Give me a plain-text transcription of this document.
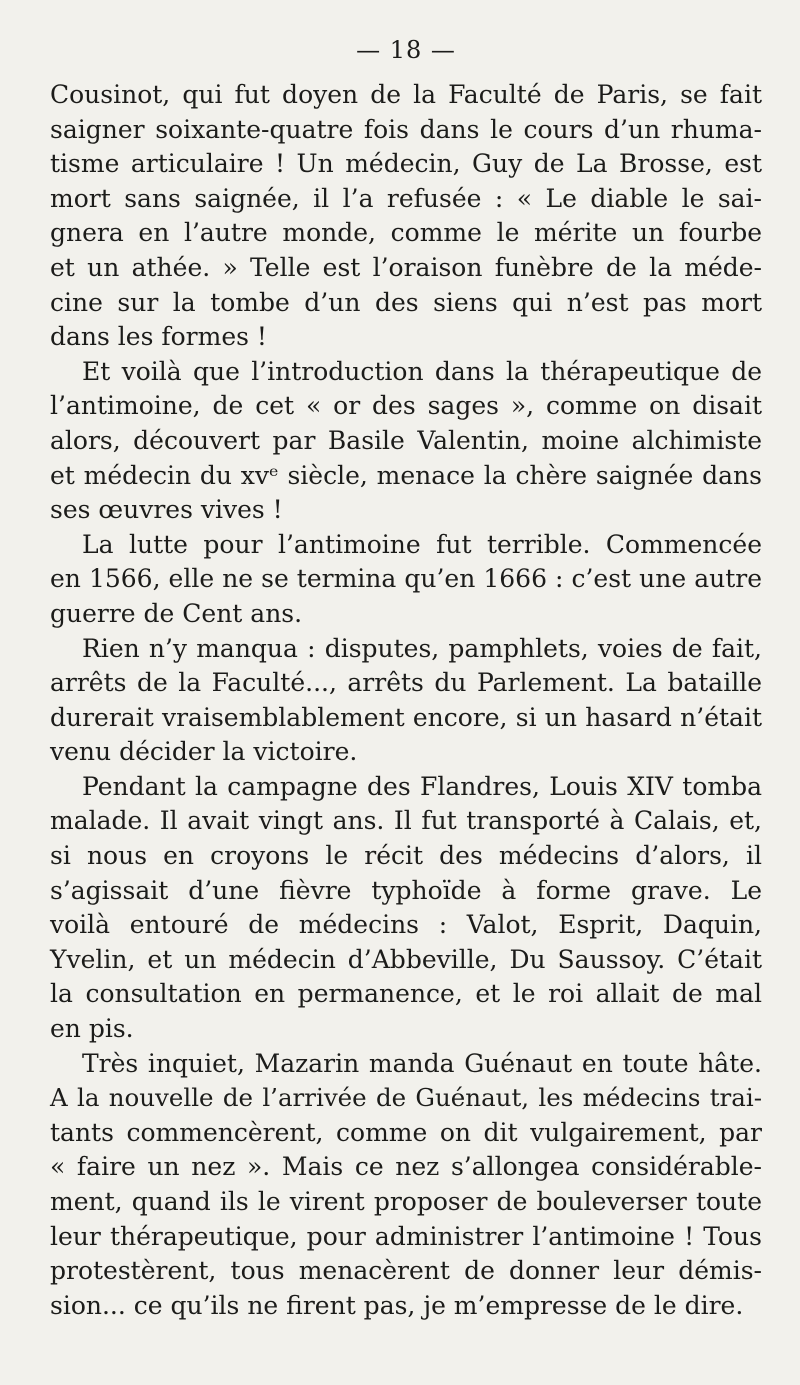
— 18 —
Cousinot, qui fut doyen de la Faculté de Paris, se fait
saigner soixante-quatre fois dans le cours d’un rhuma-
tisme articulaire ! Un médecin, Guy de La Brosse, est
mort sans saignée, il l’a refusée : « Le diable le sai-
gnera en l’autre monde, comme le mérite un fourbe
et un athée. » Telle est l’oraison funèbre de la méde-
cine sur la tombe d’un des siens qui n’est pas mort
dans les formes !
Et voilà que l’introduction dans la thérapeutique de
l’antimoine, de cet « or des sages », comme on disait
alors, découvert par Basile Valentin, moine alchimiste
et médecin du xvᵉ siècle, menace la chère saignée dans
ses œuvres vives !
La lutte pour l’antimoine fut terrible. Commencée
en 1566, elle ne se termina qu’en 1666 : c’est une autre
guerre de Cent ans.
Rien n’y manqua : disputes, pamphlets, voies de fait,
arrêts de la Faculté..., arrêts du Parlement. La bataille
durerait vraisemblablement encore, si un hasard n’était
venu décider la victoire.
Pendant la campagne des Flandres, Louis XIV tomba
malade. Il avait vingt ans. Il fut transporté à Calais, et,
si nous en croyons le récit des médecins d’alors, il
s’agissait d’une fièvre typhoïde à forme grave. Le
voilà entouré de médecins : Valot, Esprit, Daquin,
Yvelin, et un médecin d’Abbeville, Du Saussoy. C’était
la consultation en permanence, et le roi allait de mal
en pis.
Très inquiet, Mazarin manda Guénaut en toute hâte.
A la nouvelle de l’arrivée de Guénaut, les médecins trai-
tants commencèrent, comme on dit vulgairement, par
« faire un nez ». Mais ce nez s’allongea considérable-
ment, quand ils le virent proposer de bouleverser toute
leur thérapeutique, pour administrer l’antimoine ! Tous
protestèrent, tous menacèrent de donner leur démis-
sion... ce qu’ils ne firent pas, je m’empresse de le dire.
